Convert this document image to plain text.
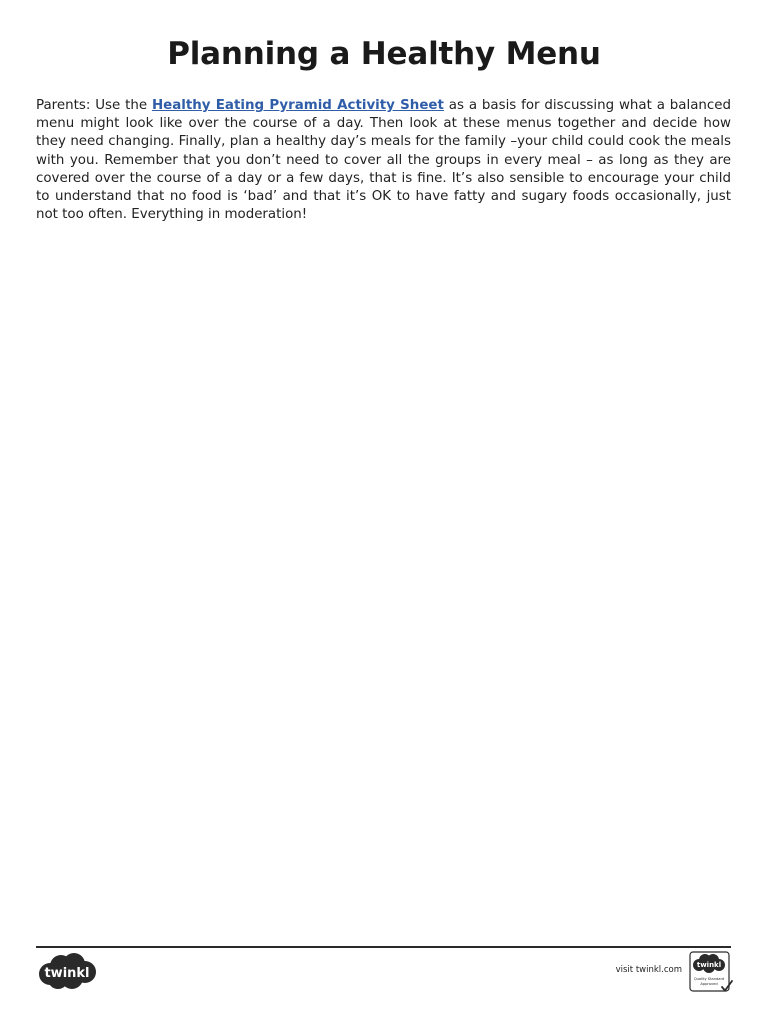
Planning a Healthy Menu

Parents: Use the Healthy Eating Pyramid Activity Sheet as a basis for discussing what a balanced menu might look like over the course of a day. Then look at these menus together and decide how they need changing. Finally, plan a healthy day’s meals for the family –your child could cook the meals with you. Remember that you don’t need to cover all the groups in every meal – as long as they are covered over the course of a day or a few days, that is fine. It’s also sensible to encourage your child to understand that no food is ‘bad’ and that it’s OK to have fatty and sugary foods occasionally, just not too often. Everything in moderation!

twinkl	visit twinkl.com twinkl
Quality Standard
Approved
